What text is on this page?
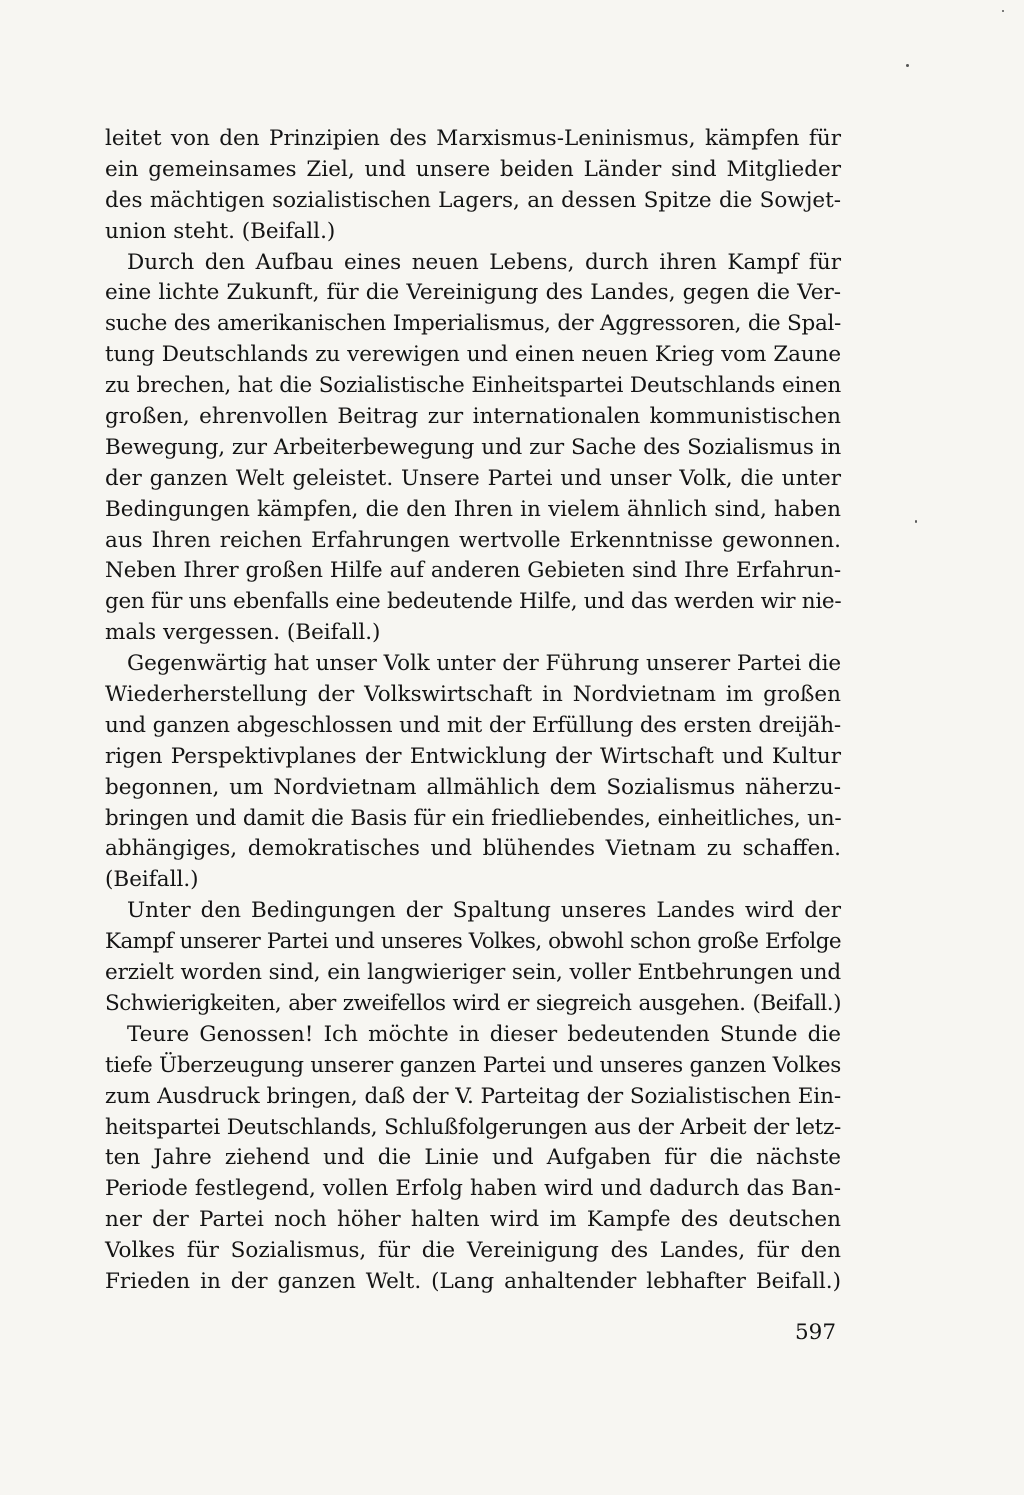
leitet von den Prinzipien des Marxismus-Leninismus, kämpfen für
ein gemeinsames Ziel, und unsere beiden Länder sind Mitglieder
des mächtigen sozialistischen Lagers, an dessen Spitze die Sowjet-
union steht. (Beifall.)
Durch den Aufbau eines neuen Lebens, durch ihren Kampf für
eine lichte Zukunft, für die Vereinigung des Landes, gegen die Ver-
suche des amerikanischen Imperialismus, der Aggressoren, die Spal-
tung Deutschlands zu verewigen und einen neuen Krieg vom Zaune
zu brechen, hat die Sozialistische Einheitspartei Deutschlands einen
großen, ehrenvollen Beitrag zur internationalen kommunistischen
Bewegung, zur Arbeiterbewegung und zur Sache des Sozialismus in
der ganzen Welt geleistet. Unsere Partei und unser Volk, die unter
Bedingungen kämpfen, die den Ihren in vielem ähnlich sind, haben
aus Ihren reichen Erfahrungen wertvolle Erkenntnisse gewonnen.
Neben Ihrer großen Hilfe auf anderen Gebieten sind Ihre Erfahrun-
gen für uns ebenfalls eine bedeutende Hilfe, und das werden wir nie-
mals vergessen. (Beifall.)
Gegenwärtig hat unser Volk unter der Führung unserer Partei die
Wiederherstellung der Volkswirtschaft in Nordvietnam im großen
und ganzen abgeschlossen und mit der Erfüllung des ersten dreijäh-
rigen Perspektivplanes der Entwicklung der Wirtschaft und Kultur
begonnen, um Nordvietnam allmählich dem Sozialismus näherzu-
bringen und damit die Basis für ein friedliebendes, einheitliches, un-
abhängiges, demokratisches und blühendes Vietnam zu schaffen.
(Beifall.)
Unter den Bedingungen der Spaltung unseres Landes wird der
Kampf unserer Partei und unseres Volkes, obwohl schon große Erfolge
erzielt worden sind, ein langwieriger sein, voller Entbehrungen und
Schwierigkeiten, aber zweifellos wird er siegreich ausgehen. (Beifall.)
Teure Genossen! Ich möchte in dieser bedeutenden Stunde die
tiefe Überzeugung unserer ganzen Partei und unseres ganzen Volkes
zum Ausdruck bringen, daß der V. Parteitag der Sozialistischen Ein-
heitspartei Deutschlands, Schlußfolgerungen aus der Arbeit der letz-
ten Jahre ziehend und die Linie und Aufgaben für die nächste
Periode festlegend, vollen Erfolg haben wird und dadurch das Ban-
ner der Partei noch höher halten wird im Kampfe des deutschen
Volkes für Sozialismus, für die Vereinigung des Landes, für den
Frieden in der ganzen Welt. (Lang anhaltender lebhafter Beifall.)
597
